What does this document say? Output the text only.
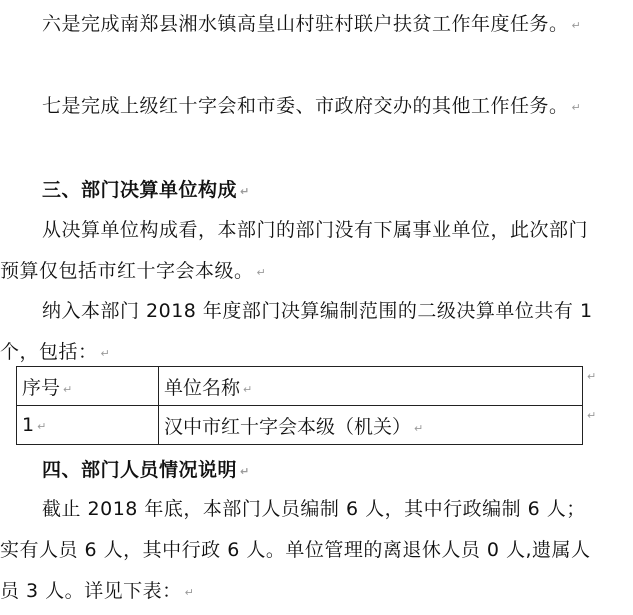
六是完成南郑县湘水镇高皇山村驻村联户扶贫工作年度任务。 ↵

七是完成上级红十字会和市委、市政府交办的其他工作任务。 ↵

三、部门决算单位构成 ↵

从决算单位构成看，本部门的部门没有下属事业单位，此次部门预算仅包括市红十字会本级。 ↵

纳入本部门 2018 年度部门决算编制范围的二级决算单位共有 1 个，包括： ↵

序号 ↵	单位名称 ↵
1 ↵	汉中市红十字会本级（机关） ↵
↵
↵

四、部门人员情况说明 ↵

截止 2018 年底，本部门人员编制 6 人，其中行政编制 6 人；实有人员 6 人，其中行政 6 人。单位管理的离退休人员 0 人,遗属人员 3 人。详见下表： ↵
